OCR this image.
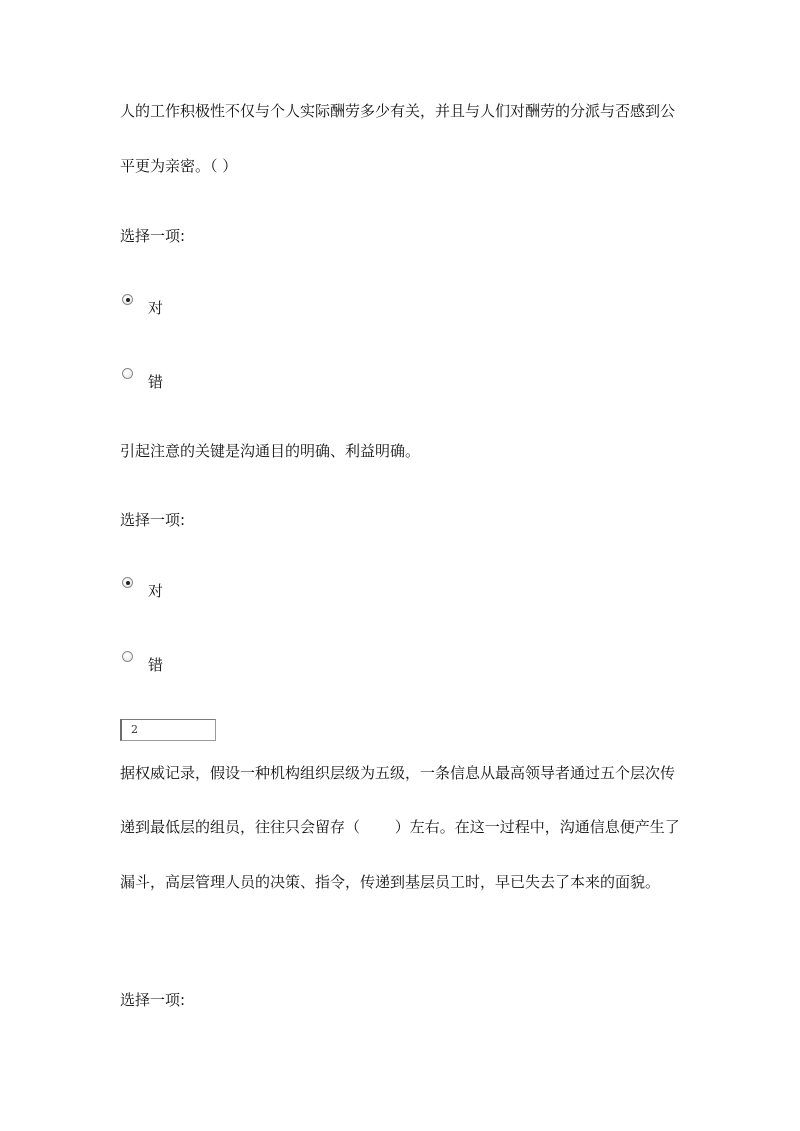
人的工作积极性不仅与个人实际酬劳多少有关，并且与人们对酬劳的分派与否感到公
平更为亲密。（ ）
选择一项:
对
错
引起注意的关键是沟通目的明确、利益明确。
选择一项:
对
错
2
据权威记录，假设一种机构组织层级为五级，一条信息从最高领导者通过五个层次传
递到最低层的组员，往往只会留存（　　 ）左右。在这一过程中，沟通信息便产生了
漏斗，高层管理人员的决策、指令，传递到基层员工时，早已失去了本来的面貌。
选择一项:
